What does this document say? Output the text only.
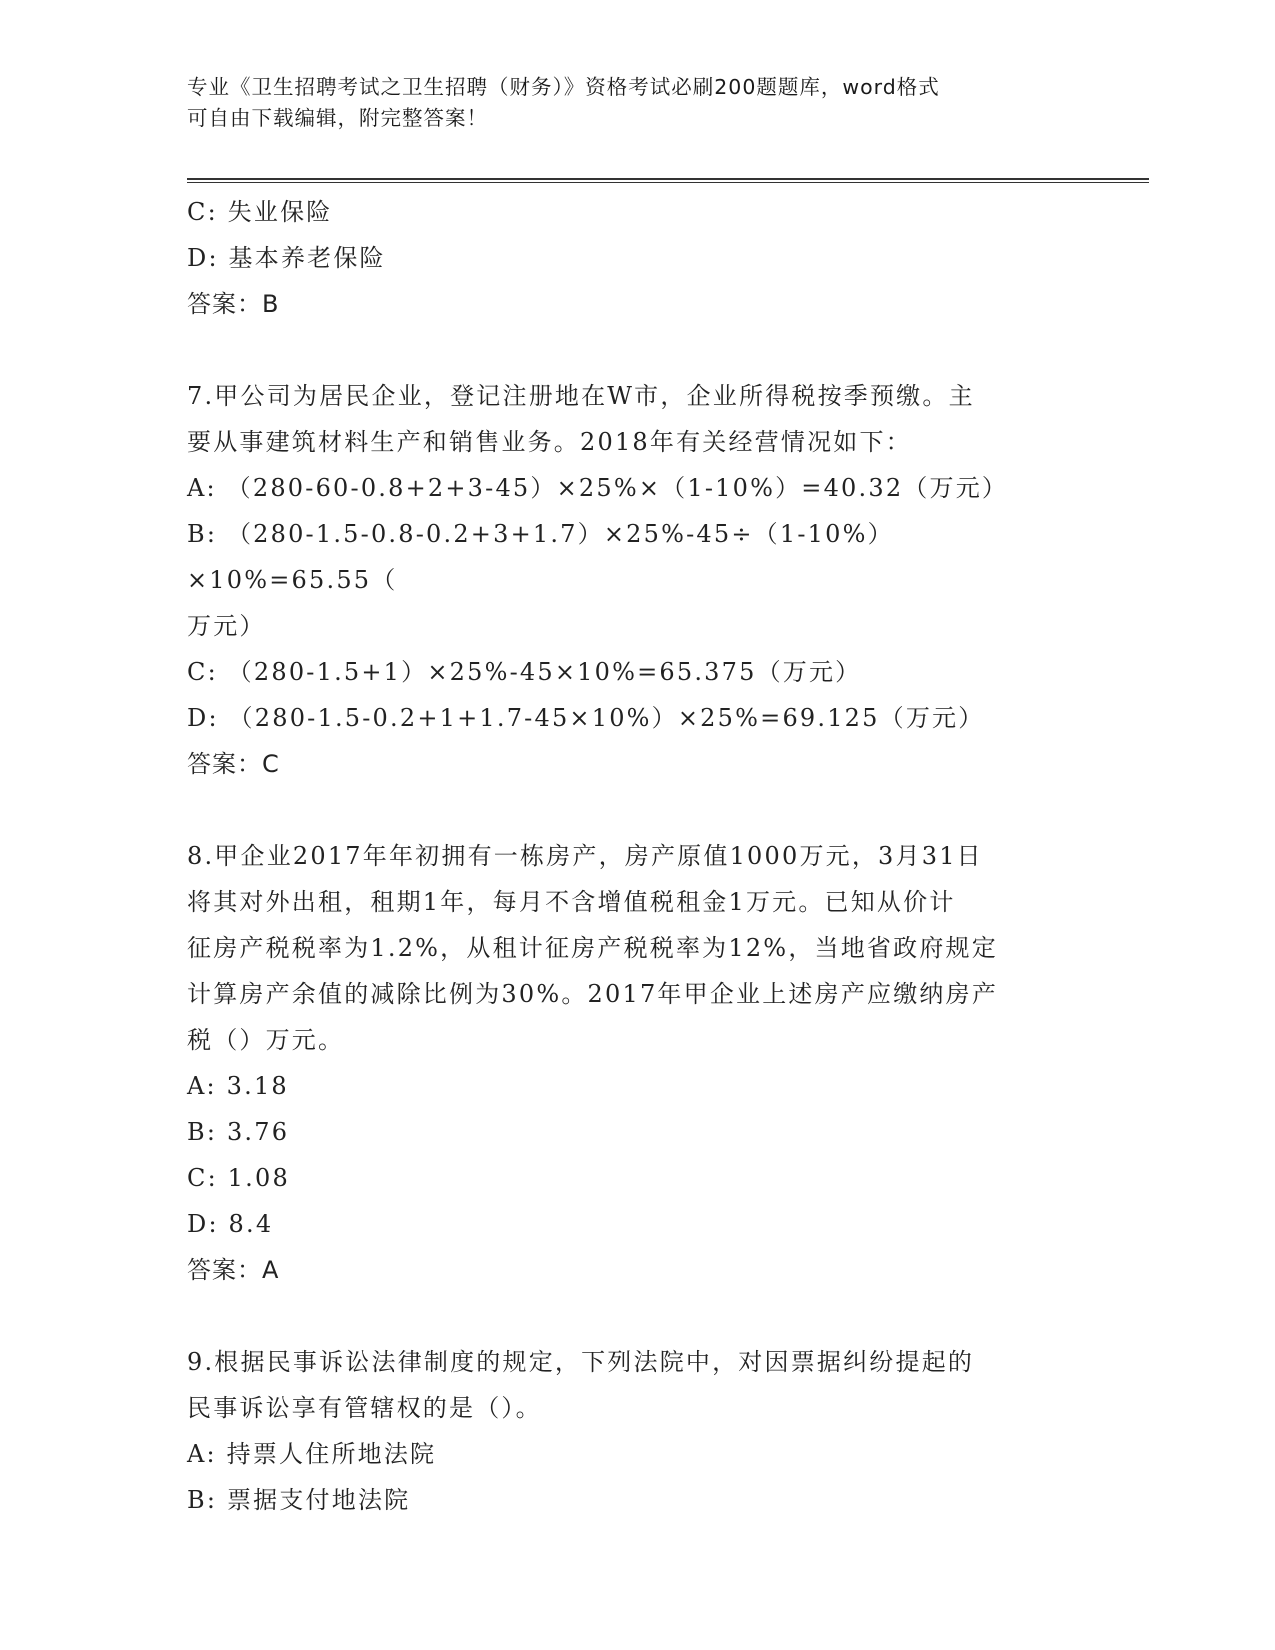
专业《卫生招聘考试之卫生招聘（财务）》资格考试必刷200题题库，word格式
可自由下载编辑，附完整答案！

C: 失业保险

D: 基本养老保险

答案：B

7.甲公司为居民企业，登记注册地在W市，企业所得税按季预缴。主

要从事建筑材料生产和销售业务。2018年有关经营情况如下：

A: （280-60-0.8+2+3-45）×25%×（1-10%）=40.32（万元）

B: （280-1.5-0.8-0.2+3+1.7）×25%-45÷（1-10%）×10%=65.55（

万元）

C: （280-1.5+1）×25%-45×10%=65.375（万元）

D: （280-1.5-0.2+1+1.7-45×10%）×25%=69.125（万元）

答案：C

8.甲企业2017年年初拥有一栋房产，房产原值1000万元，3月31日

将其对外出租，租期1年，每月不含增值税租金1万元。已知从价计

征房产税税率为1.2%，从租计征房产税税率为12%，当地省政府规定

计算房产余值的减除比例为30%。2017年甲企业上述房产应缴纳房产

税（）万元。

A: 3.18

B: 3.76

C: 1.08

D: 8.4

答案：A

9.根据民事诉讼法律制度的规定，下列法院中，对因票据纠纷提起的

民事诉讼享有管辖权的是（）。

A: 持票人住所地法院

B: 票据支付地法院
